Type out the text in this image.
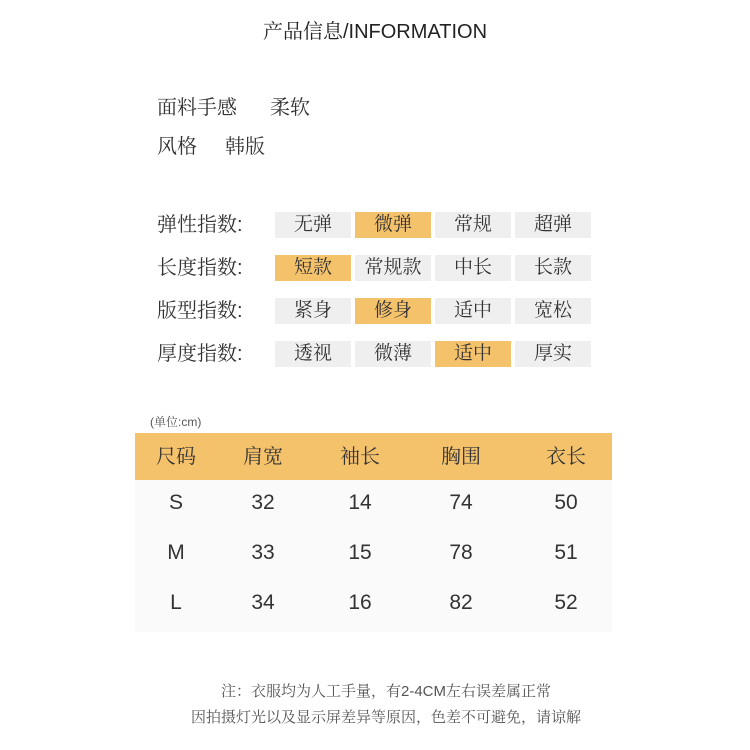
产品信息/INFORMATION
面料手感 柔软
风格 韩版
弹性指数:	无弹	微弹	常规	超弹
长度指数:	短款	常规款	中长	长款
版型指数:	紧身	修身	适中	宽松
厚度指数:	透视	微薄	适中	厚实
(单位:cm)
尺码	肩宽	袖长	胸围	衣长
S	32	14	74	50
M	33	15	78	51
L	34	16	82	52
注：衣服均为人工手量，有2-4CM左右误差属正常
因拍摄灯光以及显示屏差异等原因，色差不可避免，请谅解
